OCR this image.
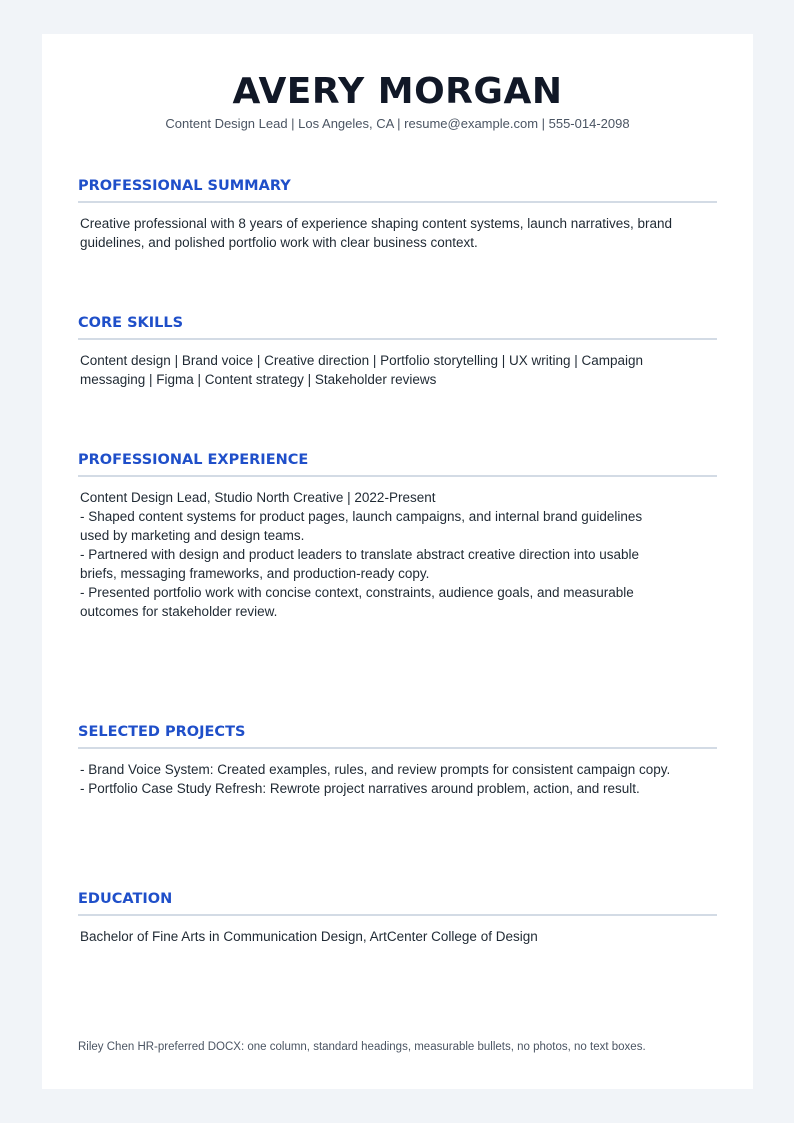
AVERY MORGAN
Content Design Lead | Los Angeles, CA | resume@example.com | 555-014-2098
PROFESSIONAL SUMMARY
Creative professional with 8 years of experience shaping content systems, launch narratives, brand
guidelines, and polished portfolio work with clear business context.
CORE SKILLS
Content design | Brand voice | Creative direction | Portfolio storytelling | UX writing | Campaign
messaging | Figma | Content strategy | Stakeholder reviews
PROFESSIONAL EXPERIENCE
Content Design Lead, Studio North Creative | 2022-Present
- Shaped content systems for product pages, launch campaigns, and internal brand guidelines
used by marketing and design teams.
- Partnered with design and product leaders to translate abstract creative direction into usable
briefs, messaging frameworks, and production-ready copy.
- Presented portfolio work with concise context, constraints, audience goals, and measurable
outcomes for stakeholder review.
SELECTED PROJECTS
- Brand Voice System: Created examples, rules, and review prompts for consistent campaign copy.
- Portfolio Case Study Refresh: Rewrote project narratives around problem, action, and result.
EDUCATION
Bachelor of Fine Arts in Communication Design, ArtCenter College of Design
Riley Chen HR-preferred DOCX: one column, standard headings, measurable bullets, no photos, no text boxes.
